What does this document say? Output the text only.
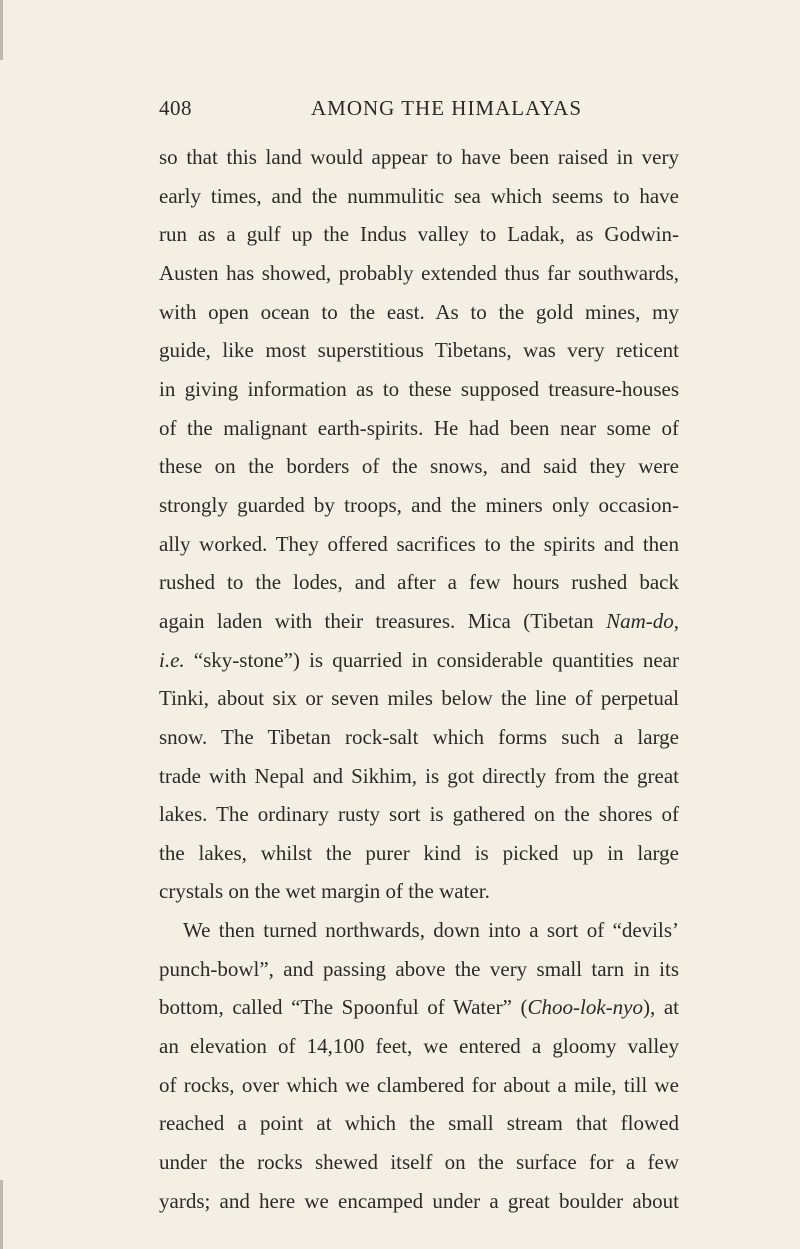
408	AMONG THE HIMALAYAS
so that this land would appear to have been raised in very
early times, and the nummulitic sea which seems to have
run as a gulf up the Indus valley to Ladak, as Godwin-
Austen has showed, probably extended thus far southwards,
with open ocean to the east. As to the gold mines, my
guide, like most superstitious Tibetans, was very reticent
in giving information as to these supposed treasure-houses
of the malignant earth-spirits. He had been near some of
these on the borders of the snows, and said they were
strongly guarded by troops, and the miners only occasion-
ally worked. They offered sacrifices to the spirits and then
rushed to the lodes, and after a few hours rushed back
again laden with their treasures. Mica (Tibetan Nam-do,
i.e. “sky-stone”) is quarried in considerable quantities near
Tinki, about six or seven miles below the line of perpetual
snow. The Tibetan rock-salt which forms such a large
trade with Nepal and Sikhim, is got directly from the great
lakes. The ordinary rusty sort is gathered on the shores of
the lakes, whilst the purer kind is picked up in large
crystals on the wet margin of the water.
We then turned northwards, down into a sort of “devils’
punch-bowl”, and passing above the very small tarn in its
bottom, called “The Spoonful of Water” (Choo-lok-nyo), at
an elevation of 14,100 feet, we entered a gloomy valley
of rocks, over which we clambered for about a mile, till we
reached a point at which the small stream that flowed
under the rocks shewed itself on the surface for a few
yards; and here we encamped under a great boulder about
